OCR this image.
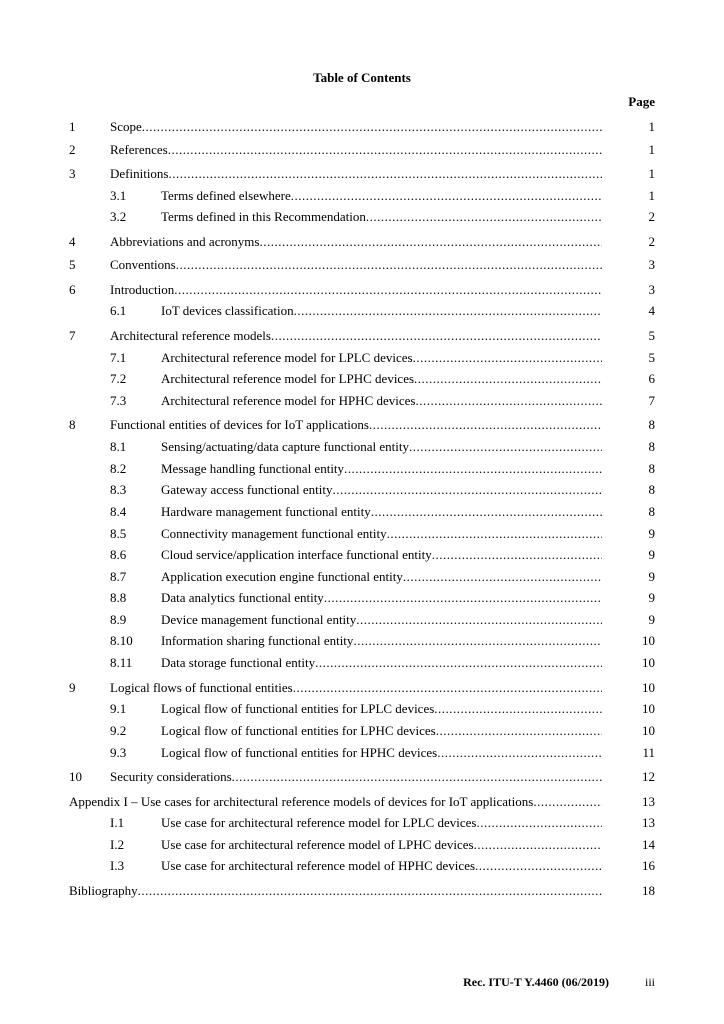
Table of Contents
Page
1	Scope .....	1
2	References .....	1
3	Definitions .....	1
3.1	Terms defined elsewhere .....	1
3.2	Terms defined in this Recommendation .....	2
4	Abbreviations and acronyms .....	2
5	Conventions .....	3
6	Introduction .....	3
6.1	IoT devices classification .....	4
7	Architectural reference models .....	5
7.1	Architectural reference model for LPLC devices .....	5
7.2	Architectural reference model for LPHC devices .....	6
7.3	Architectural reference model for HPHC devices .....	7
8	Functional entities of devices for IoT applications .....	8
8.1	Sensing/actuating/data capture functional entity .....	8
8.2	Message handling functional entity .....	8
8.3	Gateway access functional entity .....	8
8.4	Hardware management functional entity .....	8
8.5	Connectivity management functional entity .....	9
8.6	Cloud service/application interface functional entity .....	9
8.7	Application execution engine functional entity .....	9
8.8	Data analytics functional entity .....	9
8.9	Device management functional entity .....	9
8.10 Information sharing functional entity .....	10
8.11 Data storage functional entity .....	10
9	Logical flows of functional entities .....	10
9.1	Logical flow of functional entities for LPLC devices .....	10
9.2	Logical flow of functional entities for LPHC devices .....	10
9.3	Logical flow of functional entities for HPHC devices .....	11
10 Security considerations .....	12
Appendix I – Use cases for architectural reference models of devices for IoT applications .....	13
I.1	Use case for architectural reference model for LPLC devices .....	13
I.2	Use case for architectural reference model of LPHC devices .....	14
I.3	Use case for architectural reference model of HPHC devices .....	16
Bibliography .....	18
Rec. ITU-T Y.4460 (06/2019)	iii
